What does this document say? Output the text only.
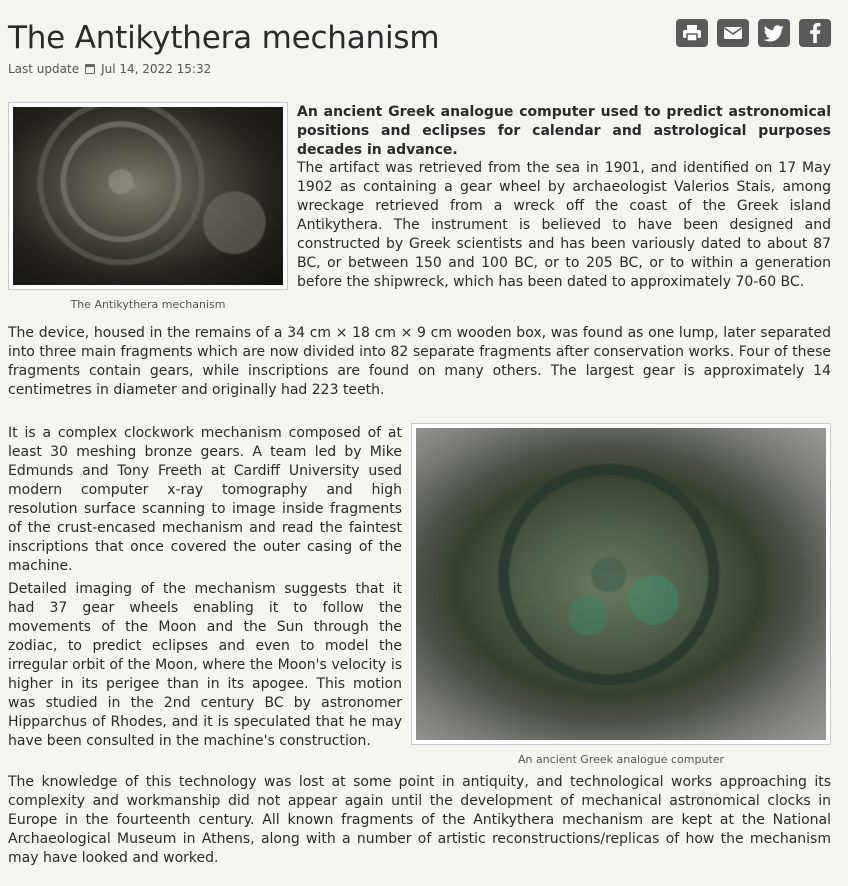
The Antikythera mechanism
Last update Jul 14, 2022 15:32
The Antikythera mechanism

An ancient Greek analogue computer used to predict astronomical positions and eclipses for calendar and astrological purposes decades in advance.

The artifact was retrieved from the sea in 1901, and identified on 17 May 1902 as containing a gear wheel by archaeologist Valerios Stais, among wreckage retrieved from a wreck off the coast of the Greek island Antikythera. The instrument is believed to have been designed and constructed by Greek scientists and has been variously dated to about 87 BC, or between 150 and 100 BC, or to 205 BC, or to within a generation before the shipwreck, which has been dated to approximately 70-60 BC.

The device, housed in the remains of a 34 cm × 18 cm × 9 cm wooden box, was found as one lump, later separated into three main fragments which are now divided into 82 separate fragments after conservation works. Four of these fragments contain gears, while inscriptions are found on many others. The largest gear is approximately 14 centimetres in diameter and originally had 223 teeth.

An ancient Greek analogue computer

It is a complex clockwork mechanism composed of at least 30 meshing bronze gears. A team led by Mike Edmunds and Tony Freeth at Cardiff University used modern computer x-ray tomography and high resolution surface scanning to image inside fragments of the crust-encased mechanism and read the faintest inscriptions that once covered the outer casing of the machine.

Detailed imaging of the mechanism suggests that it had 37 gear wheels enabling it to follow the movements of the Moon and the Sun through the zodiac, to predict eclipses and even to model the irregular orbit of the Moon, where the Moon's velocity is higher in its perigee than in its apogee. This motion was studied in the 2nd century BC by astronomer Hipparchus of Rhodes, and it is speculated that he may have been consulted in the machine's construction.

The knowledge of this technology was lost at some point in antiquity, and technological works approaching its complexity and workmanship did not appear again until the development of mechanical astronomical clocks in Europe in the fourteenth century. All known fragments of the Antikythera mechanism are kept at the National Archaeological Museum in Athens, along with a number of artistic reconstructions/replicas of how the mechanism may have looked and worked.
